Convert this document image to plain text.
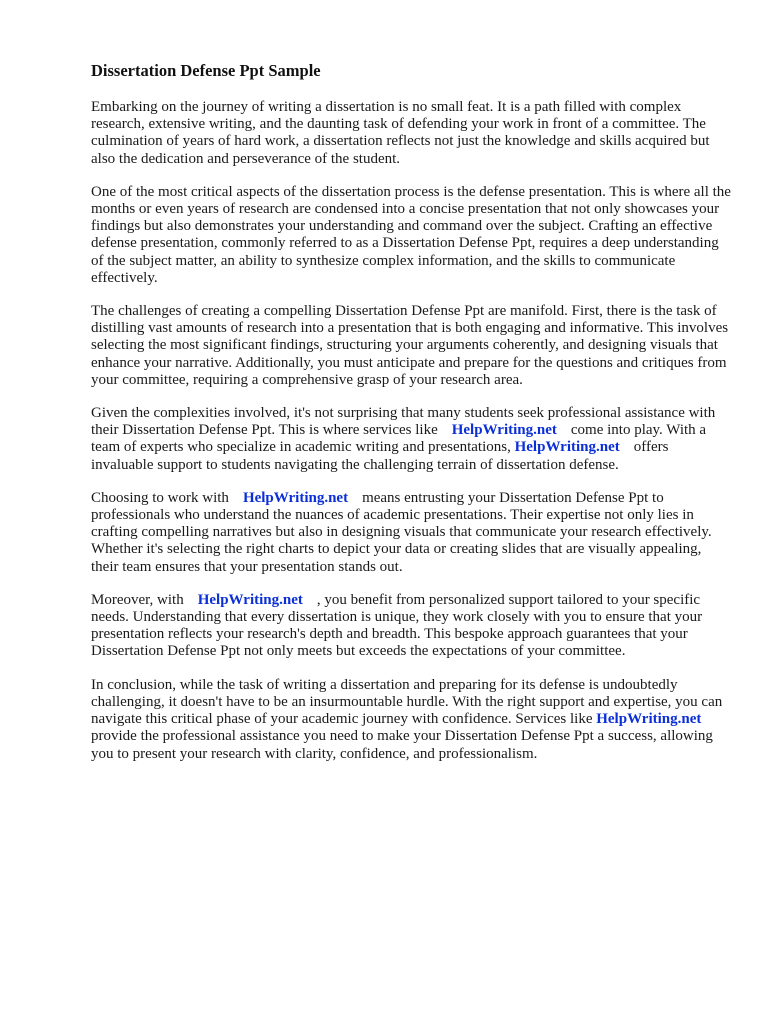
Dissertation Defense Ppt Sample

Embarking on the journey of writing a dissertation is no small feat. It is a path filled with complex research, extensive writing, and the daunting task of defending your work in front of a committee. The culmination of years of hard work, a dissertation reflects not just the knowledge and skills acquired but also the dedication and perseverance of the student.

One of the most critical aspects of the dissertation process is the defense presentation. This is where all the months or even years of research are condensed into a concise presentation that not only showcases your findings but also demonstrates your understanding and command over the subject. Crafting an effective defense presentation, commonly referred to as a Dissertation Defense Ppt, requires a deep understanding of the subject matter, an ability to synthesize complex information, and the skills to communicate effectively.

The challenges of creating a compelling Dissertation Defense Ppt are manifold. First, there is the task of distilling vast amounts of research into a presentation that is both engaging and informative. This involves selecting the most significant findings, structuring your arguments coherently, and designing visuals that enhance your narrative. Additionally, you must anticipate and prepare for the questions and critiques from your committee, requiring a comprehensive grasp of your research area.

Given the complexities involved, it's not surprising that many students seek professional assistance with their Dissertation Defense Ppt. This is where services like HelpWriting.net come into play. With a team of experts who specialize in academic writing and presentations, HelpWriting.net offers invaluable support to students navigating the challenging terrain of dissertation defense.

Choosing to work with HelpWriting.net means entrusting your Dissertation Defense Ppt to professionals who understand the nuances of academic presentations. Their expertise not only lies in crafting compelling narratives but also in designing visuals that communicate your research effectively. Whether it's selecting the right charts to depict your data or creating slides that are visually appealing, their team ensures that your presentation stands out.

Moreover, with HelpWriting.net , you benefit from personalized support tailored to your specific needs. Understanding that every dissertation is unique, they work closely with you to ensure that your presentation reflects your research's depth and breadth. This bespoke approach guarantees that your Dissertation Defense Ppt not only meets but exceeds the expectations of your committee.

In conclusion, while the task of writing a dissertation and preparing for its defense is undoubtedly challenging, it doesn't have to be an insurmountable hurdle. With the right support and expertise, you can navigate this critical phase of your academic journey with confidence. Services like HelpWriting.netprovide the professional assistance you need to make your Dissertation Defense Ppt a success, allowing you to present your research with clarity, confidence, and professionalism.
